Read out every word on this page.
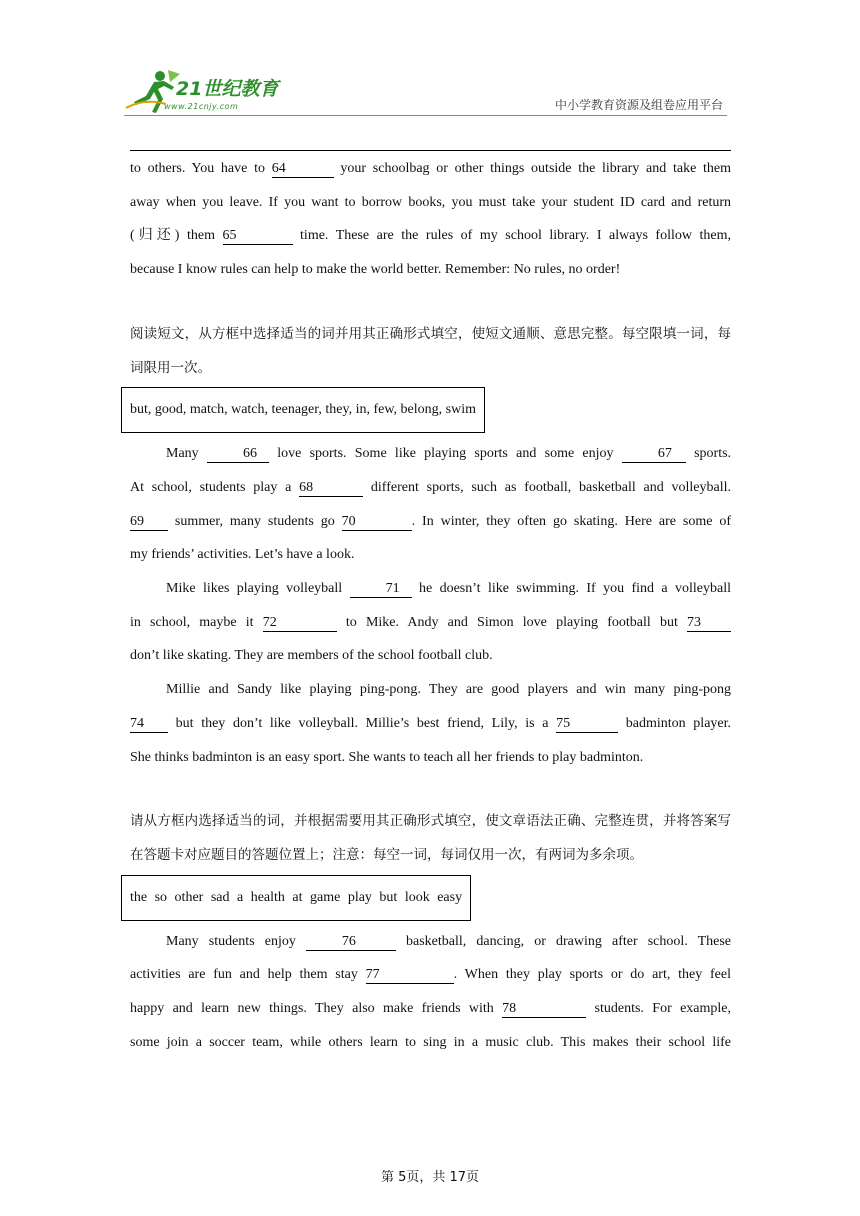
21世纪教育
www.21cnjy.com	中小学教育资源及组卷应用平台

to others. You have to 64	your schoolbag or other things outside the library and take them

away when you leave. If you want to borrow books, you must take your student ID card and return

(归还) them 65	time. These are the rules of my school library. I always follow them,

because I know rules can help to make the world better. Remember: No rules, no order!

阅读短文，从方框中选择适当的词并用其正确形式填空，使短文通顺、意思完整。每空限填一词，每词限用一次。

but, good, match, watch, teenager, they, in, few, belong, swim

Many	66 love sports. Some like playing sports and some enjoy	67 sports.

At school, students play a 68	different sports, such as football, basketball and volleyball.

69 summer, many students go 70	. In winter, they often go skating. Here are some of

my friends’ activities. Let’s have a look.

Mike likes playing volleyball	71 he doesn’t like swimming. If you find a volleyball

in school, maybe it 72	to Mike. Andy and Simon love playing football but 73

don’t like skating. They are members of the school football club.

Millie and Sandy like playing ping-pong. They are good players and win many ping-pong

74 but they don’t like volleyball. Millie’s best friend, Lily, is a 75	badminton player.

She thinks badminton is an easy sport. She wants to teach all her friends to play badminton.

请从方框内选择适当的词，并根据需要用其正确形式填空，使文章语法正确、完整连贯，并将答案写在答题卡对应题目的答题位置上；注意：每空一词，每词仅用一次，有两词为多余项。

the so other sad a health at game play but look easy

Many students enjoy	76	basketball, dancing, or drawing after school. These

activities are fun and help them stay 77	. When they play sports or do art, they feel

happy and learn new things. They also make friends with 78	students. For example,

some join a soccer team, while others learn to sing in a music club. This makes their school life

第 5页，共 17页
